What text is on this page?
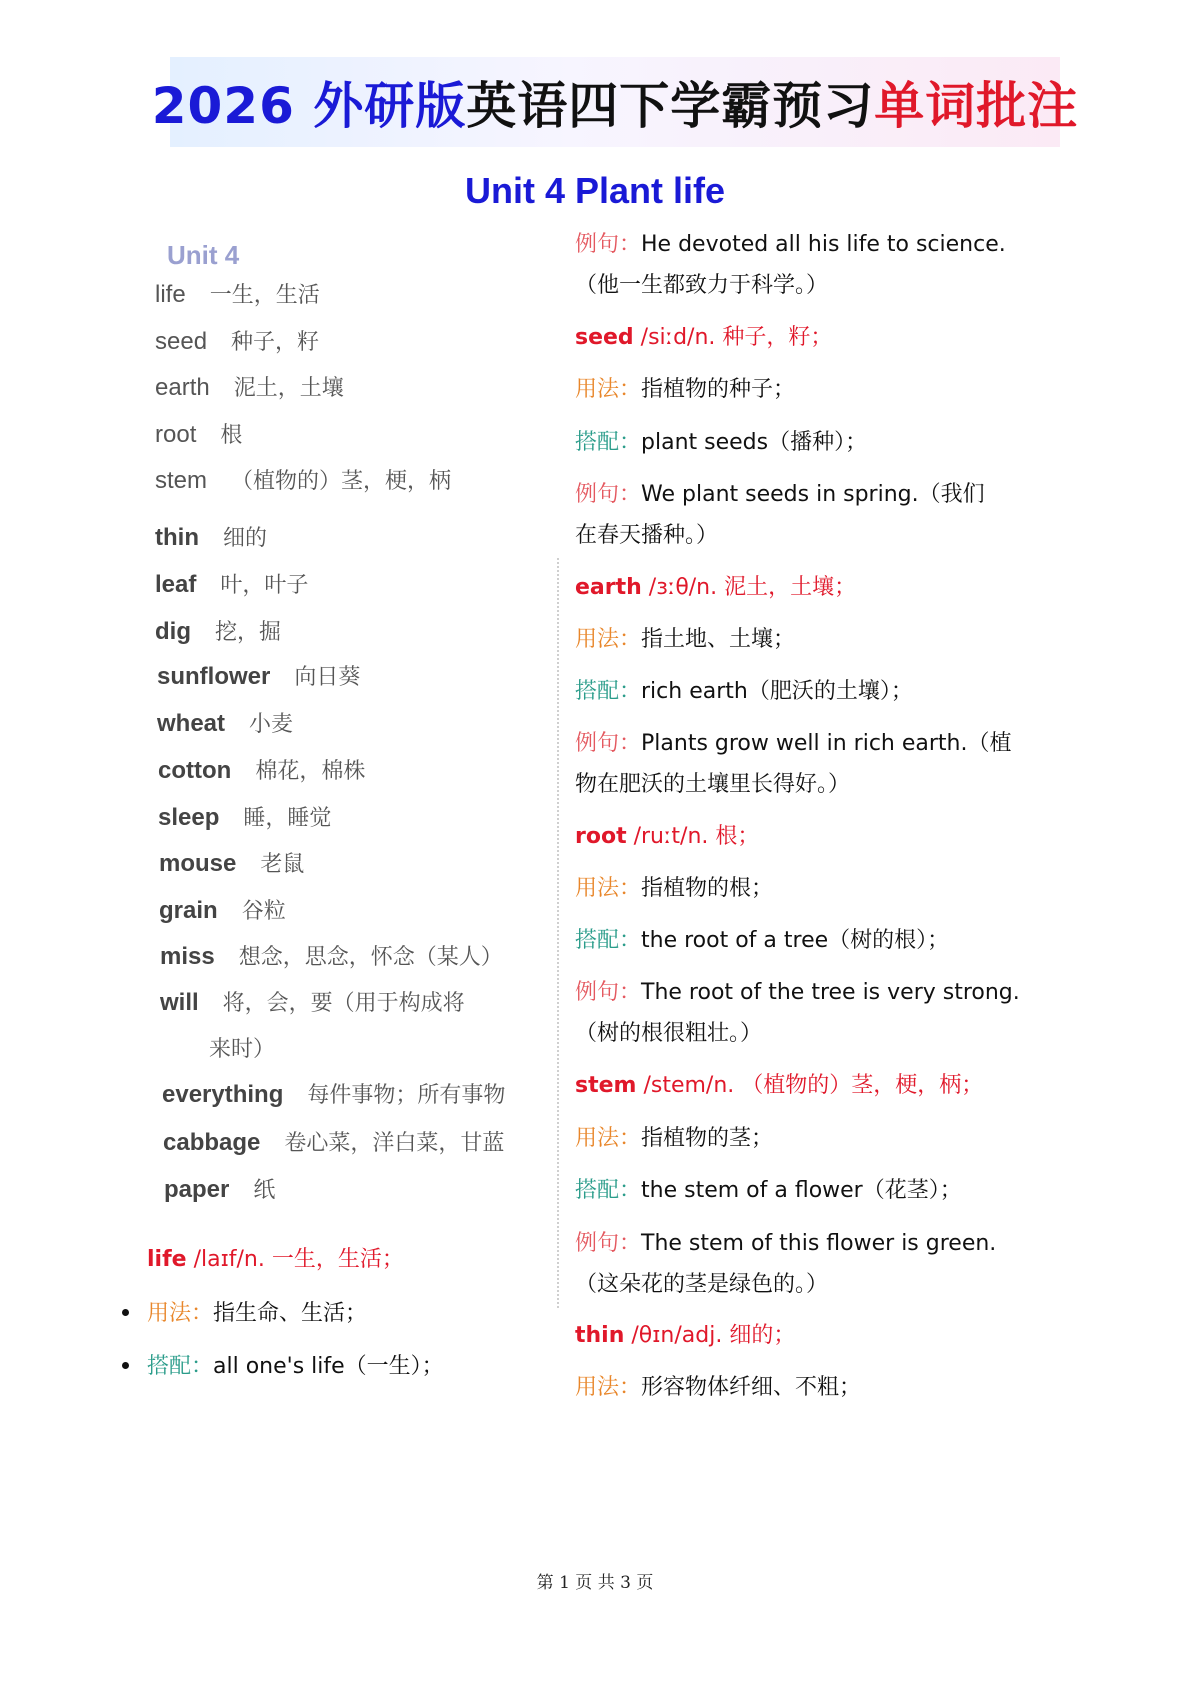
2026 外研版 英语四下学霸预习 单词批注
Unit 4 Plant life
Unit 4
life 一生，生活
seed 种子，籽
earth 泥土，土壤
root 根
stem （植物的）茎，梗，柄
thin 细的
leaf 叶，叶子
dig 挖，掘
sunflower 向日葵
wheat 小麦
cotton 棉花，棉株
sleep 睡，睡觉
mouse 老鼠
grain 谷粒
miss 想念，思念，怀念（某人）
will 将，会，要（用于构成将
来时）
everything 每件事物；所有事物
cabbage 卷心菜，洋白菜，甘蓝
paper 纸
life /laɪf/n. 一生，生活；
用法：指生命、生活；
搭配：all one's life（一生）；
例句：He devoted all his life to science.
（他一生都致力于科学。）
seed /siːd/n. 种子，籽；
用法：指植物的种子；
搭配：plant seeds（播种）；
例句：We plant seeds in spring.（我们
在春天播种。）
earth /ɜːθ/n. 泥土，土壤；
用法：指土地、土壤；
搭配：rich earth（肥沃的土壤）；
例句：Plants grow well in rich earth.（植
物在肥沃的土壤里长得好。）
root /ruːt/n. 根；
用法：指植物的根；
搭配：the root of a tree（树的根）；
例句：The root of the tree is very strong.
（树的根很粗壮。）
stem /stem/n. （植物的）茎，梗，柄；
用法：指植物的茎；
搭配：the stem of a flower（花茎）；
例句：The stem of this flower is green.
（这朵花的茎是绿色的。）
thin /θɪn/adj. 细的；
用法：形容物体纤细、不粗；
第 1 页 共 3 页
